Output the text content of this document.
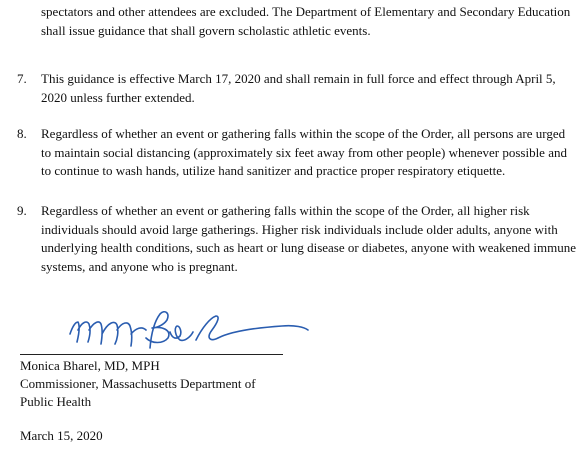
spectators and other attendees are excluded. The Department of Elementary and Secondary Education shall issue guidance that shall govern scholastic athletic events.

7. This guidance is effective March 17, 2020 and shall remain in full force and effect through April 5, 2020 unless further extended.

8. Regardless of whether an event or gathering falls within the scope of the Order, all persons are urged to maintain social distancing (approximately six feet away from other people) whenever possible and to continue to wash hands, utilize hand sanitizer and practice proper respiratory etiquette.

9. Regardless of whether an event or gathering falls within the scope of the Order, all higher risk individuals should avoid large gatherings. Higher risk individuals include older adults, anyone with underlying health conditions, such as heart or lung disease or diabetes, anyone with weakened immune systems, and anyone who is pregnant.

Monica Bharel, MD, MPH
Commissioner, Massachusetts Department of
Public Health
March 15, 2020
